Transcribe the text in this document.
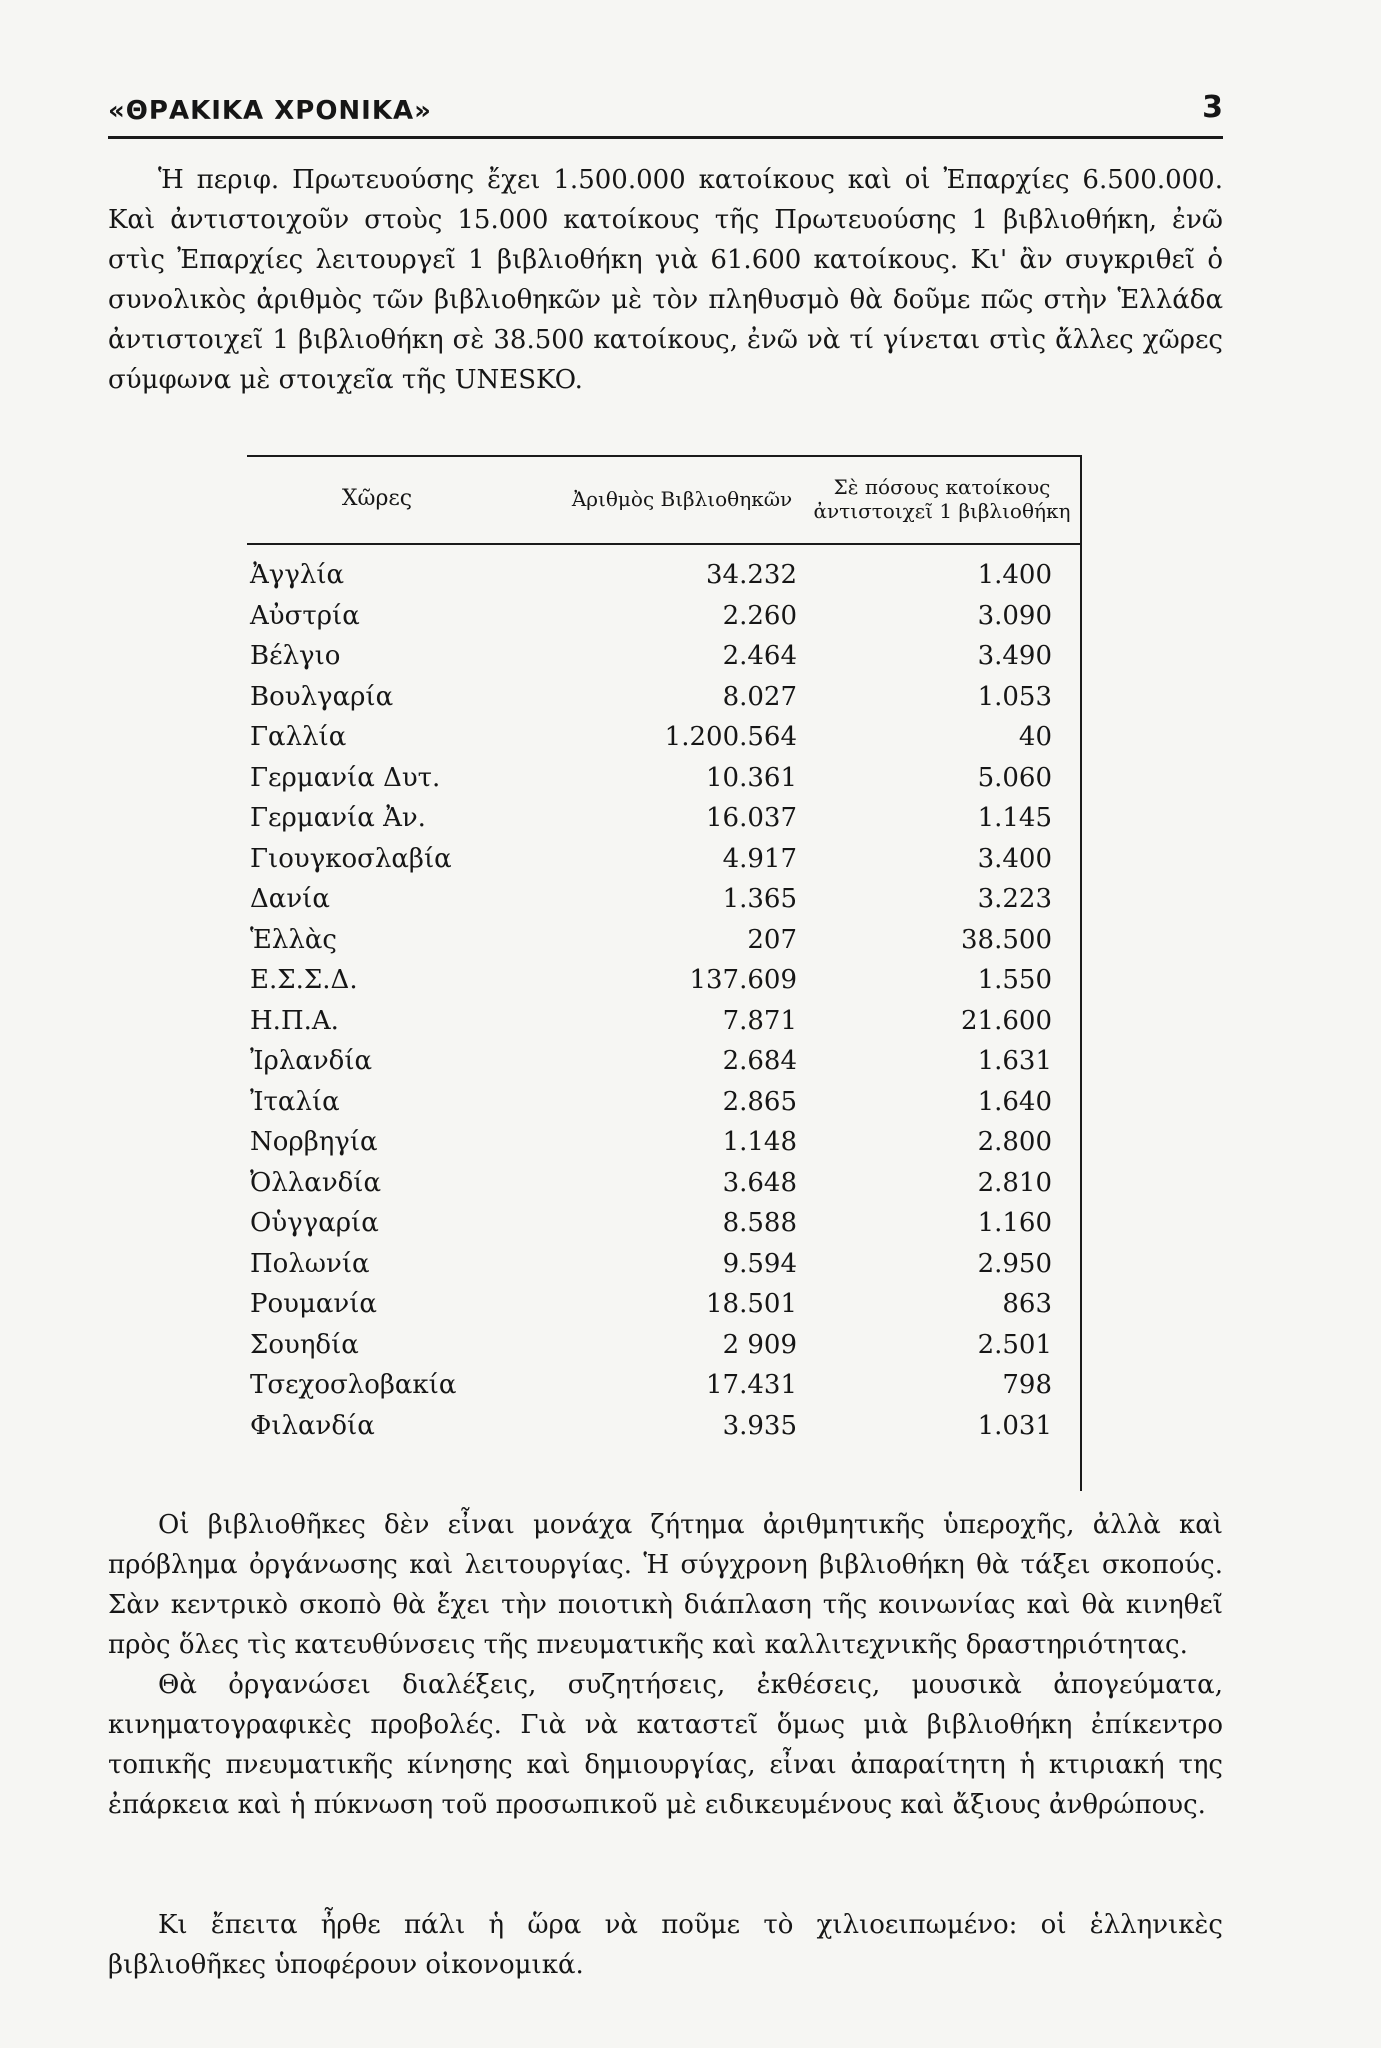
«ΘΡΑΚΙΚΑ ΧΡΟΝΙΚΑ»	3

Ἡ περιφ. Πρωτευούσης ἔχει 1.500.000 κατοίκους καὶ οἱ Ἐπαρχίες 6.500.000. Καὶ ἀντιστοιχοῦν στοὺς 15.000 κατοίκους τῆς Πρωτευούσης 1 βιβλιοθήκη, ἐνῶ στὶς Ἐπαρχίες λειτουργεῖ 1 βιβλιοθήκη γιὰ 61.600 κατοίκους. Κι' ἂν συγκριθεῖ ὁ συνολικὸς ἀριθμὸς τῶν βιβλιοθηκῶν μὲ τὸν πληθυσμὸ θὰ δοῦμε πῶς στὴν Ἑλλάδα ἀντιστοιχεῖ 1 βιβλιοθήκη σὲ 38.500 κατοίκους, ἐνῶ νὰ τί γίνεται στὶς ἄλλες χῶρες σύμφωνα μὲ στοιχεῖα τῆς UNESKO.

Χῶρες	Ἀριθμὸς Βιβλιοθηκῶν	Σὲ πόσους κατοίκους ἀντιστοιχεῖ 1 βιβλιοθήκη
Ἀγγλία	34.232	1.400
Αὐστρία	2.260	3.090
Βέλγιο	2.464	3.490
Βουλγαρία	8.027	1.053
Γαλλία	1.200.564	40
Γερμανία Δυτ.	10.361	5.060
Γερμανία Ἀν.	16.037	1.145
Γιουγκοσλαβία	4.917	3.400
Δανία	1.365	3.223
Ἑλλὰς	207	38.500
Ε.Σ.Σ.Δ.	137.609	1.550
Η.Π.Α.	7.871	21.600
Ἰρλανδία	2.684	1.631
Ἰταλία	2.865	1.640
Νορβηγία	1.148	2.800
Ὀλλανδία	3.648	2.810
Οὑγγαρία	8.588	1.160
Πολωνία	9.594	2.950
Ρουμανία	18.501	863
Σουηδία	2 909	2.501
Τσεχοσλοβακία	17.431	798
Φιλανδία	3.935	1.031

Οἱ βιβλιοθῆκες δὲν εἶναι μονάχα ζήτημα ἀριθμητικῆς ὑπεροχῆς, ἀλλὰ καὶ πρόβλημα ὀργάνωσης καὶ λειτουργίας. Ἡ σύγχρονη βιβλιοθήκη θὰ τάξει σκοπούς. Σὰν κεντρικὸ σκοπὸ θὰ ἔχει τὴν ποιοτικὴ διάπλαση τῆς κοινωνίας καὶ θὰ κινηθεῖ πρὸς ὅλες τὶς κατευθύνσεις τῆς πνευματικῆς καὶ καλλιτεχνικῆς δραστηριότητας.

Θὰ ὀργανώσει διαλέξεις, συζητήσεις, ἐκθέσεις, μουσικὰ ἀπογεύματα, κινηματογραφικὲς προβολές. Γιὰ νὰ καταστεῖ ὅμως μιὰ βιβλιοθήκη ἐπίκεντρο τοπικῆς πνευματικῆς κίνησης καὶ δημιουργίας, εἶναι ἀπαραίτητη ἡ κτιριακή της ἐπάρκεια καὶ ἡ πύκνωση τοῦ προσωπικοῦ μὲ ειδικευμένους καὶ ἄξιους ἀνθρώπους.

Κι ἔπειτα ἦρθε πάλι ἡ ὥρα νὰ ποῦμε τὸ χιλιοειπωμένο: οἱ ἑλληνικὲς βιβλιοθῆκες ὑποφέρουν οἰκονομικά.
